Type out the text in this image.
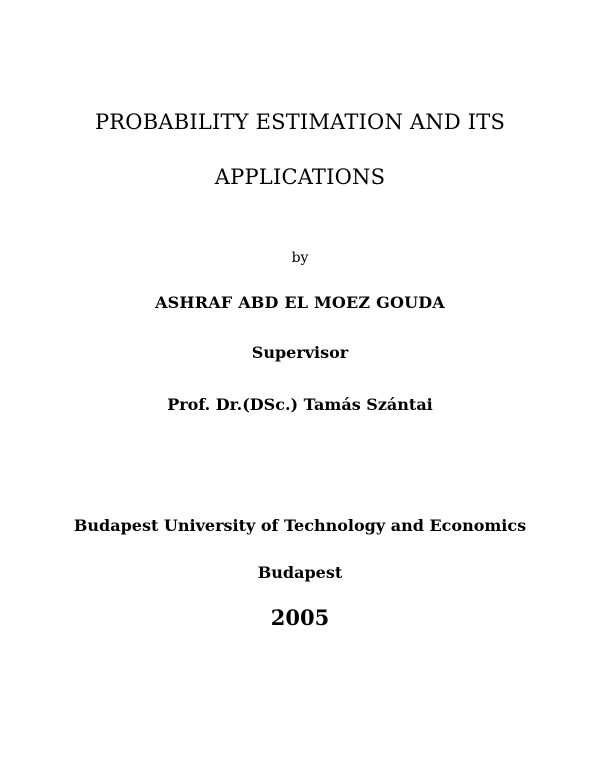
PROBABILITY ESTIMATION AND ITS
APPLICATIONS
by
ASHRAF ABD EL MOEZ GOUDA
Supervisor
Prof. Dr.(DSc.) Tamás Szántai
Budapest University of Technology and Economics
Budapest
2005
